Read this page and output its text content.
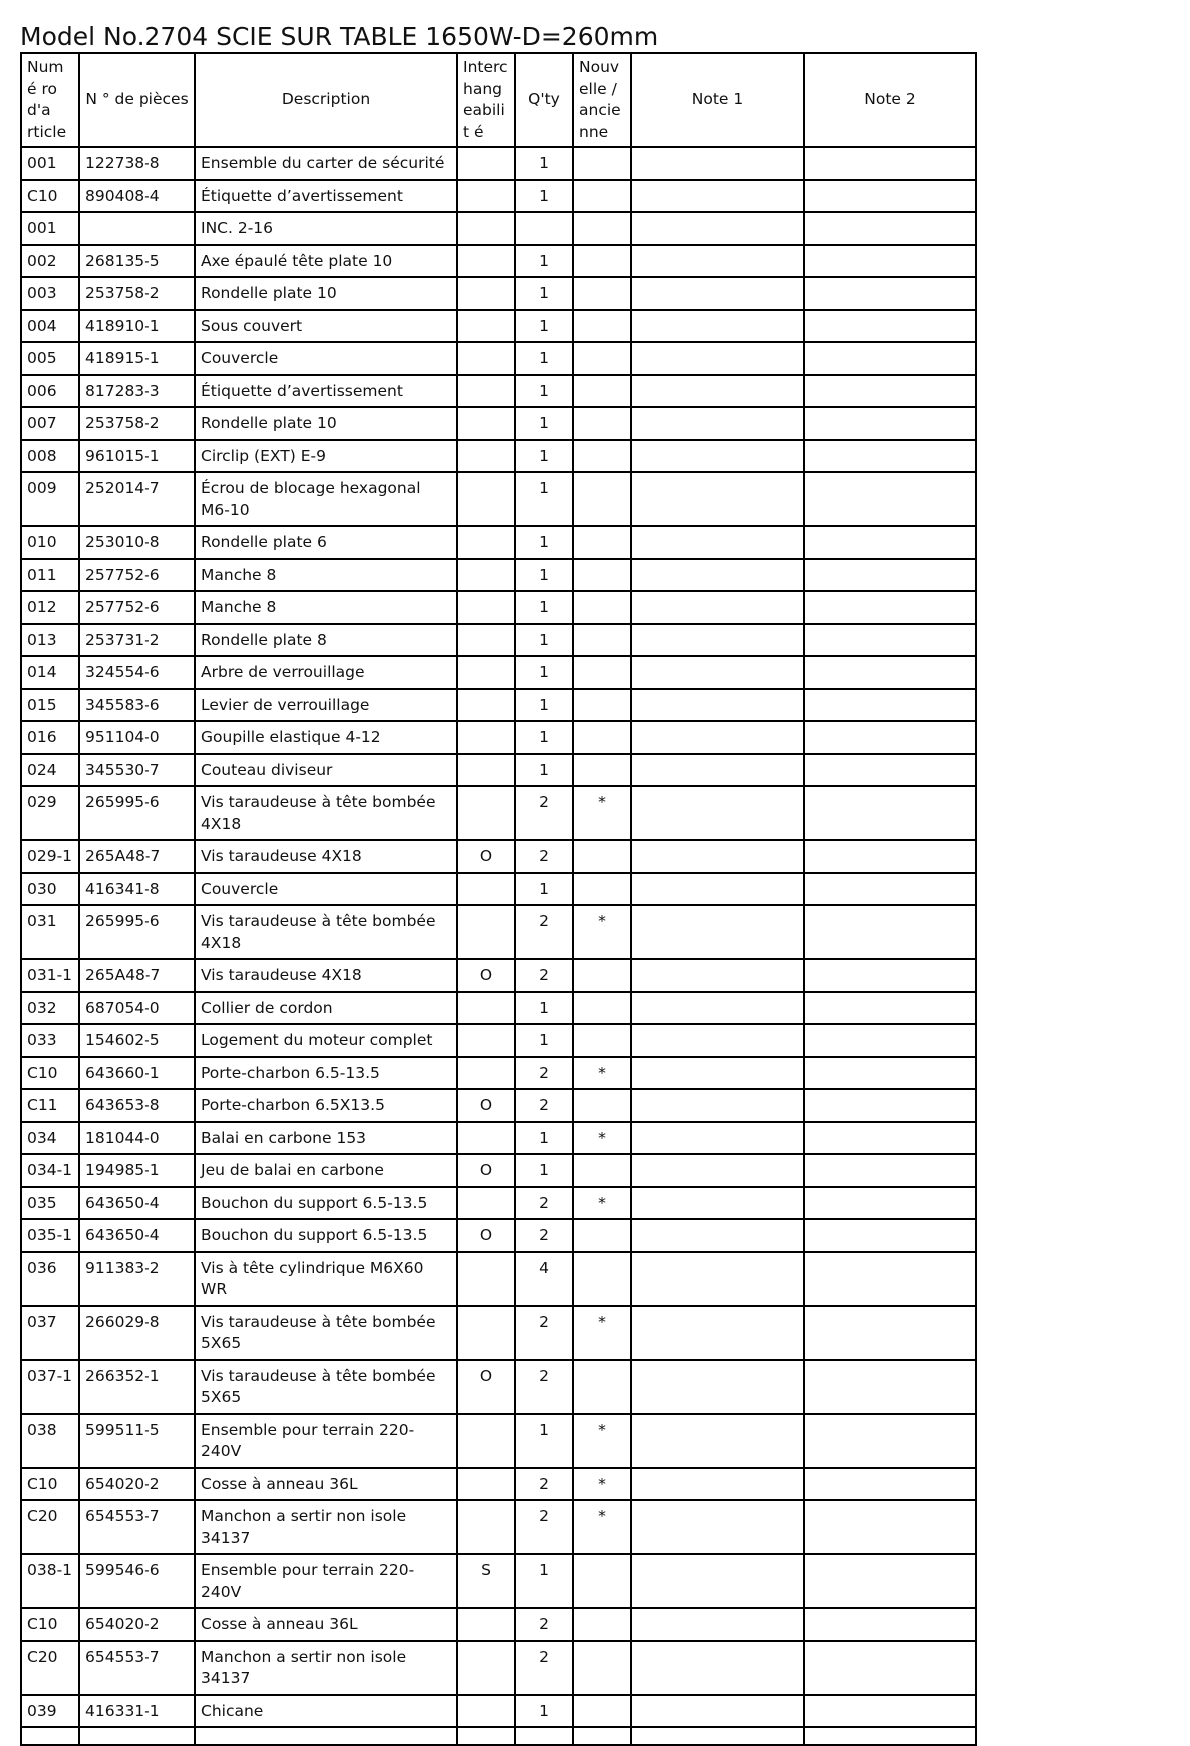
Model No.2704 SCIE SUR TABLE 1650W-D=260mm
Numé ro d'a rticle	N ° de pièces	Description	Interc hang eabilit é	Q'ty	Nouv elle / ancie nne	Note 1	Note 2
001	122738-8	Ensemble du carter de sécurité		1			
C10	890408-4	Étiquette d’avertissement		1			
001		INC. 2-16					
002	268135-5	Axe épaulé tête plate 10		1			
003	253758-2	Rondelle plate 10		1			
004	418910-1	Sous couvert		1			
005	418915-1	Couvercle		1			
006	817283-3	Étiquette d’avertissement		1			
007	253758-2	Rondelle plate 10		1			
008	961015-1	Circlip (EXT) E-9		1			
009	252014-7	Écrou de blocage hexagonal M6-10		1			
010	253010-8	Rondelle plate 6		1			
011	257752-6	Manche 8		1			
012	257752-6	Manche 8		1			
013	253731-2	Rondelle plate 8		1			
014	324554-6	Arbre de verrouillage		1			
015	345583-6	Levier de verrouillage		1			
016	951104-0	Goupille elastique 4-12		1			
024	345530-7	Couteau diviseur		1			
029	265995-6	Vis taraudeuse à tête bombée 4X18		2	*		
029-1	265A48-7	Vis taraudeuse 4X18	O	2			
030	416341-8	Couvercle		1			
031	265995-6	Vis taraudeuse à tête bombée 4X18		2	*		
031-1	265A48-7	Vis taraudeuse 4X18	O	2			
032	687054-0	Collier de cordon		1			
033	154602-5	Logement du moteur complet		1			
C10	643660-1	Porte-charbon 6.5-13.5		2	*		
C11	643653-8	Porte-charbon 6.5X13.5	O	2			
034	181044-0	Balai en carbone 153		1	*		
034-1	194985-1	Jeu de balai en carbone	O	1			
035	643650-4	Bouchon du support 6.5-13.5		2	*		
035-1	643650-4	Bouchon du support 6.5-13.5	O	2			
036	911383-2	Vis à tête cylindrique M6X60 WR		4			
037	266029-8	Vis taraudeuse à tête bombée 5X65		2	*		
037-1	266352-1	Vis taraudeuse à tête bombée 5X65	O	2			
038	599511-5	Ensemble pour terrain 220-240V		1	*		
C10	654020-2	Cosse à anneau 36L		2	*		
C20	654553-7	Manchon a sertir non isole 34137		2	*		
038-1	599546-6	Ensemble pour terrain 220-240V	S	1			
C10	654020-2	Cosse à anneau 36L		2			
C20	654553-7	Manchon a sertir non isole 34137		2			
039	416331-1	Chicane		1			
